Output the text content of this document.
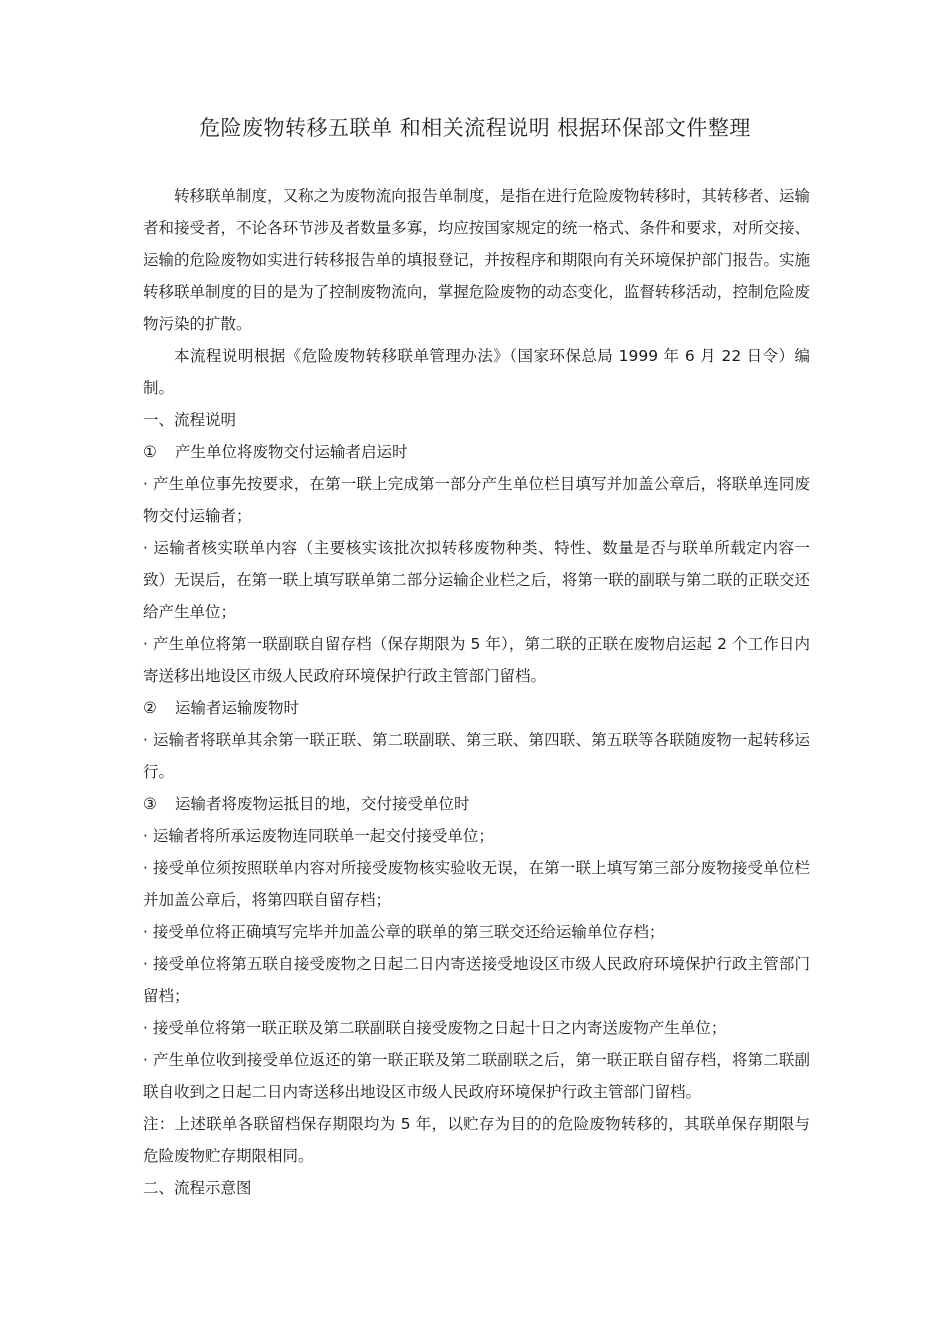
危险废物转移五联单 和相关流程说明 根据环保部文件整理

转移联单制度，又称之为废物流向报告单制度，是指在进行危险废物转移时，其转移者、运输者和接受者，不论各环节涉及者数量多寡，均应按国家规定的统一格式、条件和要求，对所交接、运输的危险废物如实进行转移报告单的填报登记，并按程序和期限向有关环境保护部门报告。实施转移联单制度的目的是为了控制废物流向，掌握危险废物的动态变化，监督转移活动，控制危险废物污染的扩散。

本流程说明根据《危险废物转移联单管理办法》（国家环保总局 1999 年 6 月 22 日令）编制。

一、流程说明

① 产生单位将废物交付运输者启运时

· 产生单位事先按要求，在第一联上完成第一部分产生单位栏目填写并加盖公章后，将联单连同废物交付运输者；

· 运输者核实联单内容（主要核实该批次拟转移废物种类、特性、数量是否与联单所载定内容一致）无误后，在第一联上填写联单第二部分运输企业栏之后，将第一联的副联与第二联的正联交还给产生单位；

· 产生单位将第一联副联自留存档（保存期限为 5 年），第二联的正联在废物启运起 2 个工作日内寄送移出地设区市级人民政府环境保护行政主管部门留档。

② 运输者运输废物时

· 运输者将联单其余第一联正联、第二联副联、第三联、第四联、第五联等各联随废物一起转移运行。

③ 运输者将废物运抵目的地，交付接受单位时

· 运输者将所承运废物连同联单一起交付接受单位；

· 接受单位须按照联单内容对所接受废物核实验收无误，在第一联上填写第三部分废物接受单位栏并加盖公章后，将第四联自留存档；

· 接受单位将正确填写完毕并加盖公章的联单的第三联交还给运输单位存档；

· 接受单位将第五联自接受废物之日起二日内寄送接受地设区市级人民政府环境保护行政主管部门留档；

· 接受单位将第一联正联及第二联副联自接受废物之日起十日之内寄送废物产生单位；

· 产生单位收到接受单位返还的第一联正联及第二联副联之后，第一联正联自留存档，将第二联副联自收到之日起二日内寄送移出地设区市级人民政府环境保护行政主管部门留档。

注：上述联单各联留档保存期限均为 5 年，以贮存为目的的危险废物转移的，其联单保存期限与危险废物贮存期限相同。

二、流程示意图
